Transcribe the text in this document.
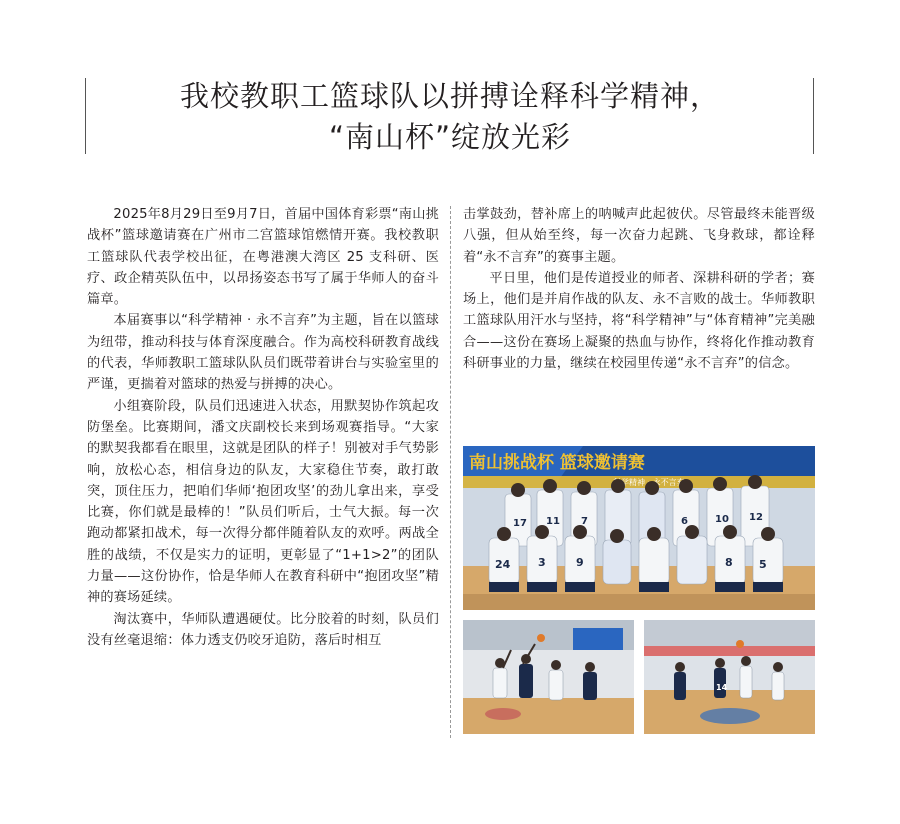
我校教职工篮球队以拼搏诠释科学精神，
“南山杯”绽放光彩

2025年8月29日至9月7日，首届中国体育彩票“南山挑战杯”篮球邀请赛在广州市二宫篮球馆燃情开赛。我校教职工篮球队代表学校出征，在粤港澳大湾区 25 支科研、医疗、政企精英队伍中，以昂扬姿态书写了属于华师人的奋斗篇章。

本届赛事以“科学精神 · 永不言弃”为主题，旨在以篮球为纽带，推动科技与体育深度融合。作为高校科研教育战线的代表，华师教职工篮球队队员们既带着讲台与实验室里的严谨，更揣着对篮球的热爱与拼搏的决心。

小组赛阶段，队员们迅速进入状态，用默契协作筑起攻防堡垒。比赛期间，潘文庆副校长来到场观赛指导。“大家的默契我都看在眼里，这就是团队的样子！别被对手气势影响，放松心态，相信身边的队友，大家稳住节奏，敢打敢突，顶住压力，把咱们华师‘抱团攻坚’的劲儿拿出来，享受比赛，你们就是最棒的！”队员们听后，士气大振。每一次跑动都紧扣战术，每一次得分都伴随着队友的欢呼。两战全胜的战绩，不仅是实力的证明，更彰显了“1+1>2”的团队力量——这份协作，恰是华师人在教育科研中“抱团攻坚”精神的赛场延续。

淘汰赛中，华师队遭遇硬仗。比分胶着的时刻，队员们没有丝毫退缩：体力透支仍咬牙追防，落后时相互

击掌鼓劲，替补席上的呐喊声此起彼伏。尽管最终未能晋级八强，但从始至终，每一次奋力起跳、飞身救球，都诠释着“永不言弃”的赛事主题。

平日里，他们是传道授业的师者、深耕科研的学者；赛场上，他们是并肩作战的队友、永不言败的战士。华师教职工篮球队用汗水与坚持，将“科学精神”与“体育精神”完美融合——这份在赛场上凝聚的热血与协作，终将化作推动教育科研事业的力量，继续在校园里传递“永不言弃”的信念。

南山挑战杯 篮球邀请赛
科学精神 永不言弃
17 11 7	6	10 12
24	3	9	8 5
14
